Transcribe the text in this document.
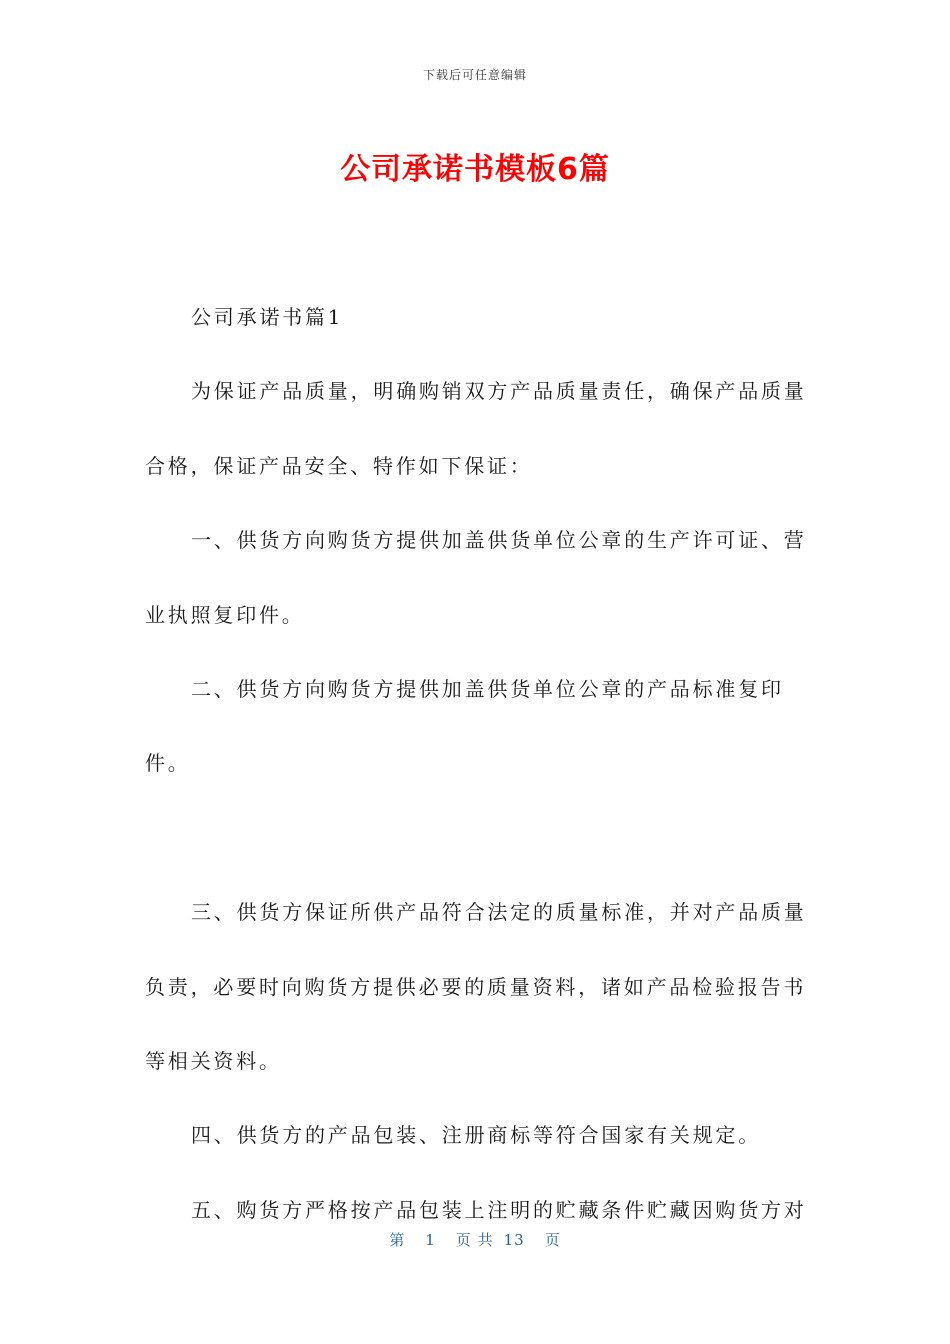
下载后可任意编辑
公司承诺书模板6篇

公司承诺书篇1

为保证产品质量，明确购销双方产品质量责任，确保产品质量合格，保证产品安全、特作如下保证：

一、供货方向购货方提供加盖供货单位公章的生产许可证、营业执照复印件。

二、供货方向购货方提供加盖供货单位公章的产品标准复印件。

三、供货方保证所供产品符合法定的质量标准，并对产品质量负责，必要时向购货方提供必要的质量资料，诸如产品检验报告书等相关资料。

四、供货方的产品包装、注册商标等符合国家有关规定。

五、购货方严格按产品包装上注明的贮藏条件贮藏因购货方对

第 1 页 共 13 页
